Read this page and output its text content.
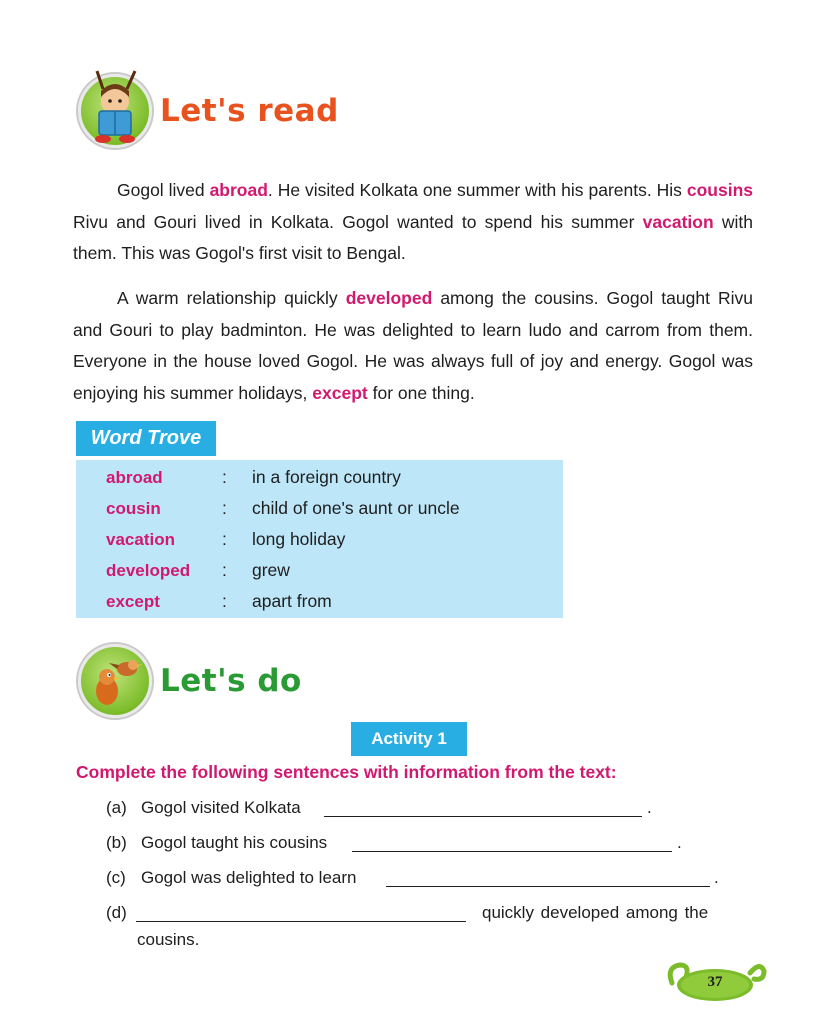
Let's read

Gogol lived abroad. He visited Kolkata one summer with his parents. His cousins Rivu and Gouri lived in Kolkata. Gogol wanted to spend his summer vacation with them. This was Gogol's first visit to Bengal.

A warm relationship quickly developed among the cousins. Gogol taught Rivu and Gouri to play badminton. He was delighted to learn ludo and carrom from them. Everyone in the house loved Gogol. He was always full of joy and energy. Gogol was enjoying his summer holidays, except for one thing.

Word Trove
abroad	: in a foreign country
cousin	: child of one's aunt or uncle
vacation	: long holiday
developed : grew
except	: apart from
Let's do
Activity 1
Complete the following sentences with information from the text:
(a) Gogol visited Kolkata	.
(b) Gogol taught his cousins	.
(c) Gogol was delighted to learn	.
(d)	quickly developed among the
cousins.
37
